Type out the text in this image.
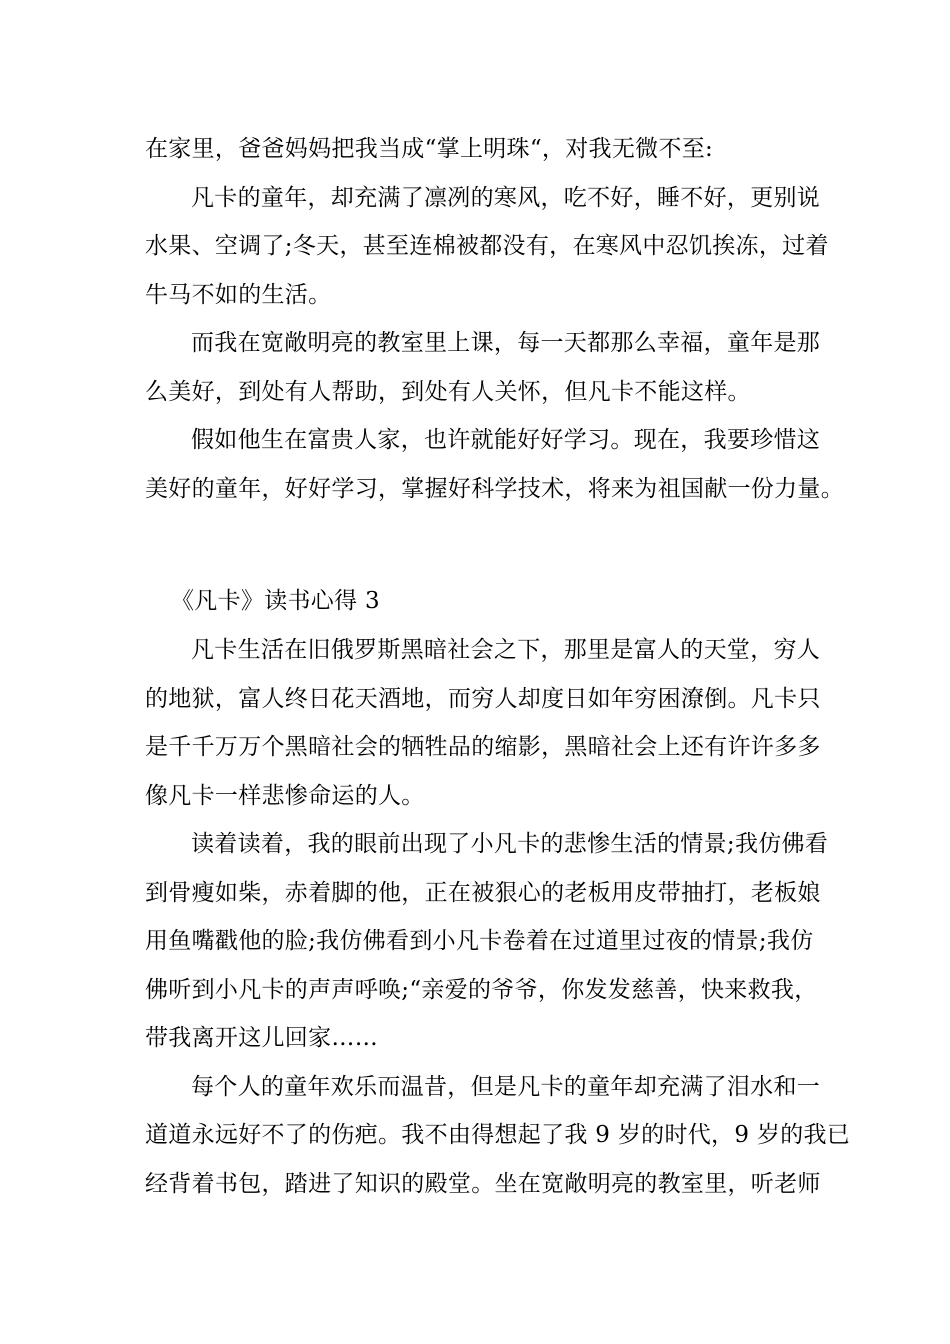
在家里，爸爸妈妈把我当成“掌上明珠“，对我无微不至:
凡卡的童年，却充满了凛冽的寒风，吃不好，睡不好，更别说
水果、空调了;冬天，甚至连棉被都没有，在寒风中忍饥挨冻，过着
牛马不如的生活。
而我在宽敞明亮的教室里上课，每一天都那么幸福，童年是那
么美好，到处有人帮助，到处有人关怀，但凡卡不能这样。
假如他生在富贵人家，也许就能好好学习。现在，我要珍惜这
美好的童年，好好学习，掌握好科学技术，将来为祖国献一份力量。
《凡卡》读书心得 3
凡卡生活在旧俄罗斯黑暗社会之下，那里是富人的天堂，穷人
的地狱，富人终日花天酒地，而穷人却度日如年穷困潦倒。凡卡只
是千千万万个黑暗社会的牺牲品的缩影，黑暗社会上还有许许多多
像凡卡一样悲惨命运的人。
读着读着，我的眼前出现了小凡卡的悲惨生活的情景;我仿佛看
到骨瘦如柴，赤着脚的他，正在被狠心的老板用皮带抽打，老板娘
用鱼嘴戳他的脸;我仿佛看到小凡卡卷着在过道里过夜的情景;我仿
佛听到小凡卡的声声呼唤;“亲爱的爷爷，你发发慈善，快来救我，
带我离开这儿回家……
每个人的童年欢乐而温昔，但是凡卡的童年却充满了泪水和一
道道永远好不了的伤疤。我不由得想起了我 9 岁的时代，9 岁的我已
经背着书包，踏进了知识的殿堂。坐在宽敞明亮的教室里，听老师
